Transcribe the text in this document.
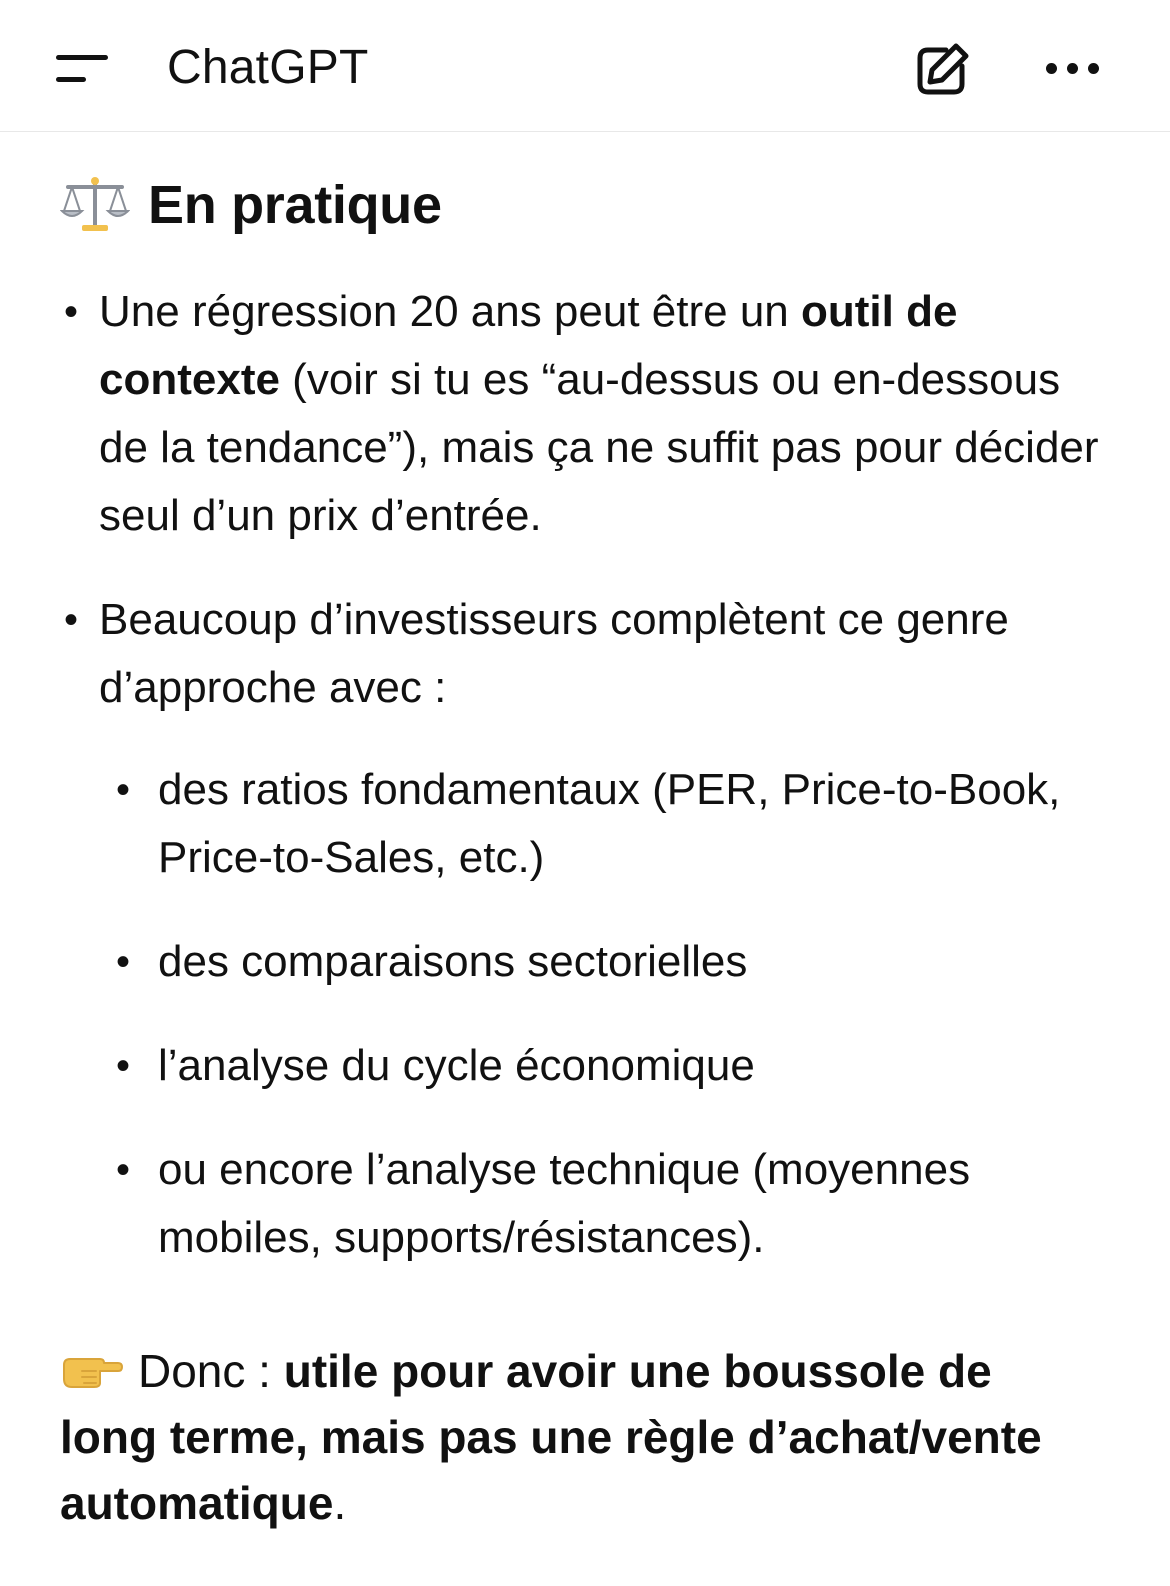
ChatGPT
En pratique
• Une régression 20 ans peut être un outil de contexte (voir si tu es “au-dessus ou en-dessous de la tendance”), mais ça ne suffit pas pour décider seul d’un prix d’entrée.
• Beaucoup d’investisseurs complètent ce genre d’approche avec :
• des ratios fondamentaux (PER, Price-to-Book, Price-to-Sales, etc.)
• des comparaisons sectorielles
• l’analyse du cycle économique
• ou encore l’analyse technique (moyennes mobiles, supports/résistances).
Donc : utile pour avoir une boussole de long terme, mais pas une règle d’achat/vente automatique.
